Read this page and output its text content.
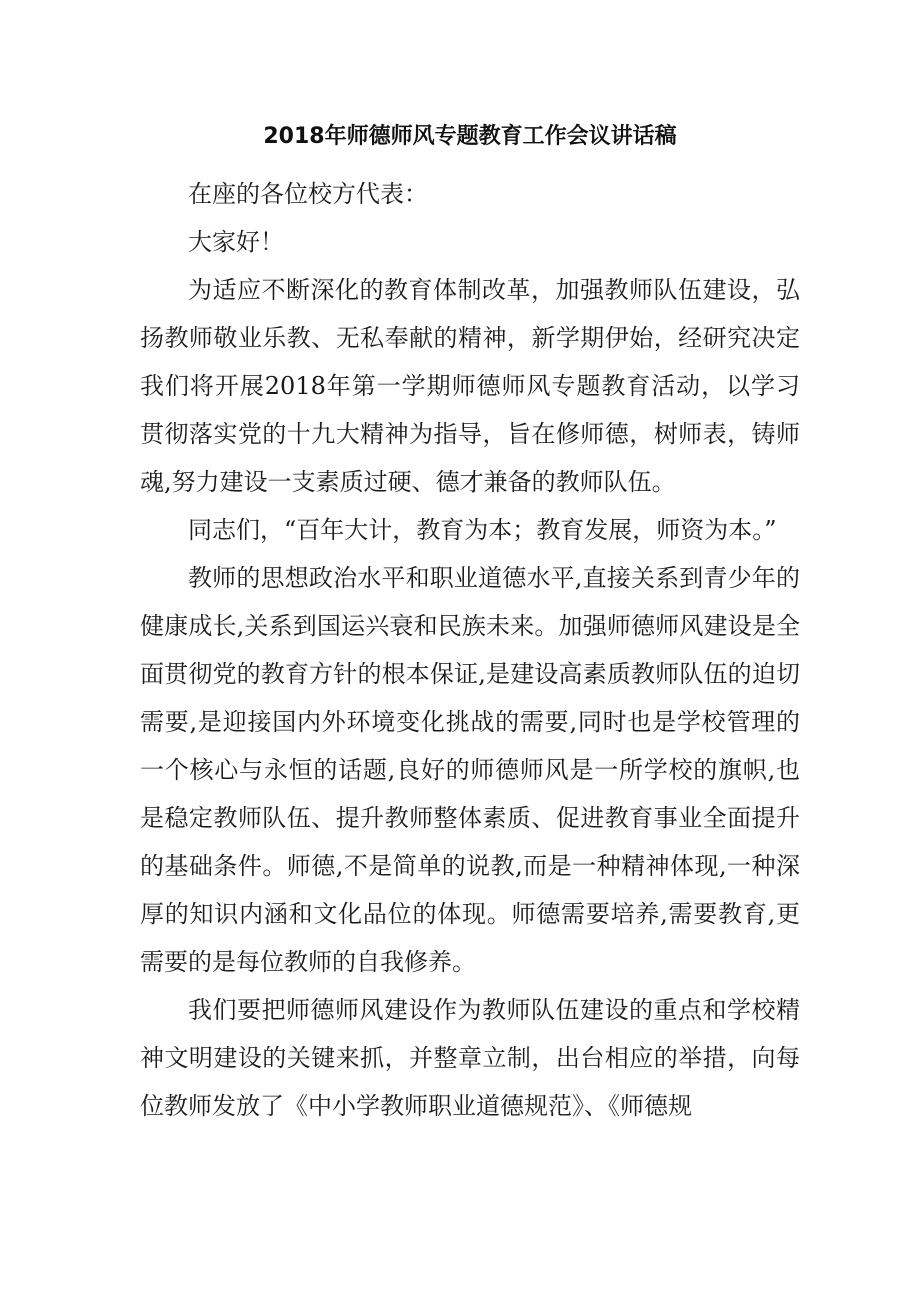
2018年师德师风专题教育工作会议讲话稿

在座的各位校方代表：

大家好！

为适应不断深化的教育体制改革，加强教师队伍建设，弘扬教师敬业乐教、无私奉献的精神，新学期伊始，经研究决定我们将开展2018年第一学期师德师风专题教育活动，以学习贯彻落实党的十九大精神为指导，旨在修师德，树师表，铸师魂,努力建设一支素质过硬、德才兼备的教师队伍。

同志们，“百年大计，教育为本；教育发展，师资为本。”

教师的思想政治水平和职业道德水平,直接关系到青少年的健康成长,关系到国运兴衰和民族未来。加强师德师风建设是全面贯彻党的教育方针的根本保证,是建设高素质教师队伍的迫切需要,是迎接国内外环境变化挑战的需要,同时也是学校管理的一个核心与永恒的话题,良好的师德师风是一所学校的旗帜,也是稳定教师队伍、提升教师整体素质、促进教育事业全面提升的基础条件。师德,不是简单的说教,而是一种精神体现,一种深厚的知识内涵和文化品位的体现。师德需要培养,需要教育,更需要的是每位教师的自我修养。

我们要把师德师风建设作为教师队伍建设的重点和学校精神文明建设的关键来抓，并整章立制，出台相应的举措，向每位教师发放了《中小学教师职业道德规范》、《师德规
